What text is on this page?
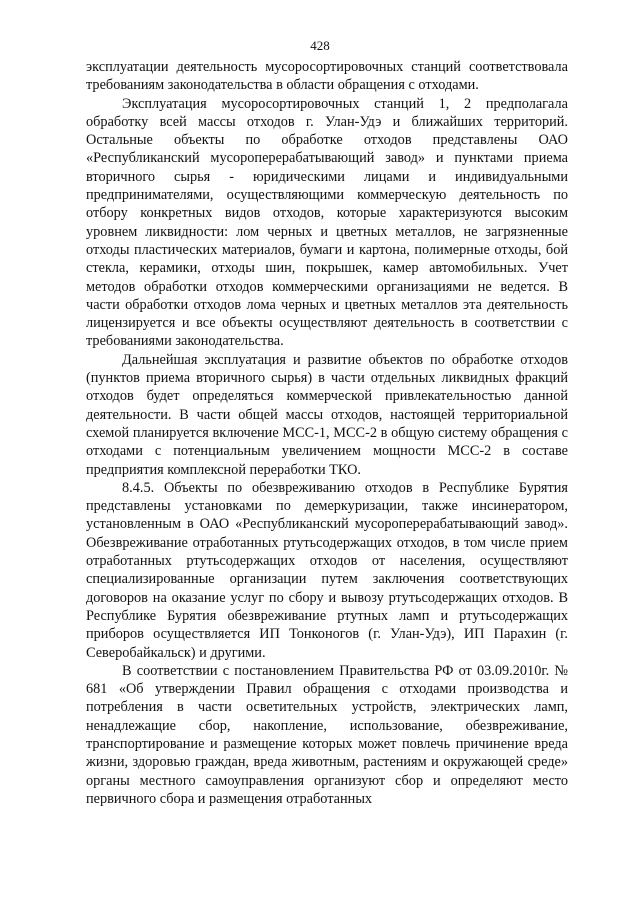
428

эксплуатации деятельность мусоросортировочных станций соответствовала требованиям законодательства в области обращения с отходами.

Эксплуатация мусоросортировочных станций 1, 2 предполагала обработку всей массы отходов г. Улан-Удэ и ближайших территорий. Остальные объекты по обработке отходов представлены ОАО «Республиканский мусороперерабатывающий завод» и пунктами приема вторичного сырья - юридическими лицами и индивидуальными предпринимателями, осуществляющими коммерческую деятельность по отбору конкретных видов отходов, которые характеризуются высоким уровнем ликвидности: лом черных и цветных металлов, не загрязненные отходы пластических материалов, бумаги и картона, полимерные отходы, бой стекла, керамики, отходы шин, покрышек, камер автомобильных. Учет методов обработки отходов коммерческими организациями не ведется. В части обработки отходов лома черных и цветных металлов эта деятельность лицензируется и все объекты осуществляют деятельность в соответствии с требованиями законодательства.

Дальнейшая эксплуатация и развитие объектов по обработке отходов (пунктов приема вторичного сырья) в части отдельных ликвидных фракций отходов будет определяться коммерческой привлекательностью данной деятельности. В части общей массы отходов, настоящей территориальной схемой планируется включение МСС-1, МСС-2 в общую систему обращения с отходами с потенциальным увеличением мощности МСС-2 в составе предприятия комплексной переработки ТКО.

8.4.5. Объекты по обезвреживанию отходов в Республике Бурятия представлены установками по демеркуризации, также инсинератором, установленным в ОАО «Республиканский мусороперерабатывающий завод». Обезвреживание отработанных ртутьсодержащих отходов, в том числе прием отработанных ртутьсодержащих отходов от населения, осуществляют специализированные организации путем заключения соответствующих договоров на оказание услуг по сбору и вывозу ртутьсодержащих отходов. В Республике Бурятия обезвреживание ртутных ламп и ртутьсодержащих приборов осуществляется ИП Тонконогов (г. Улан-Удэ), ИП Парахин (г. Северобайкальск) и другими.

В соответствии с постановлением Правительства РФ от 03.09.2010г. № 681 «Об утверждении Правил обращения с отходами производства и потребления в части осветительных устройств, электрических ламп, ненадлежащие сбор, накопление, использование, обезвреживание, транспортирование и размещение которых может повлечь причинение вреда жизни, здоровью граждан, вреда животным, растениям и окружающей среде» органы местного самоуправления организуют сбор и определяют место первичного сбора и размещения отработанных
